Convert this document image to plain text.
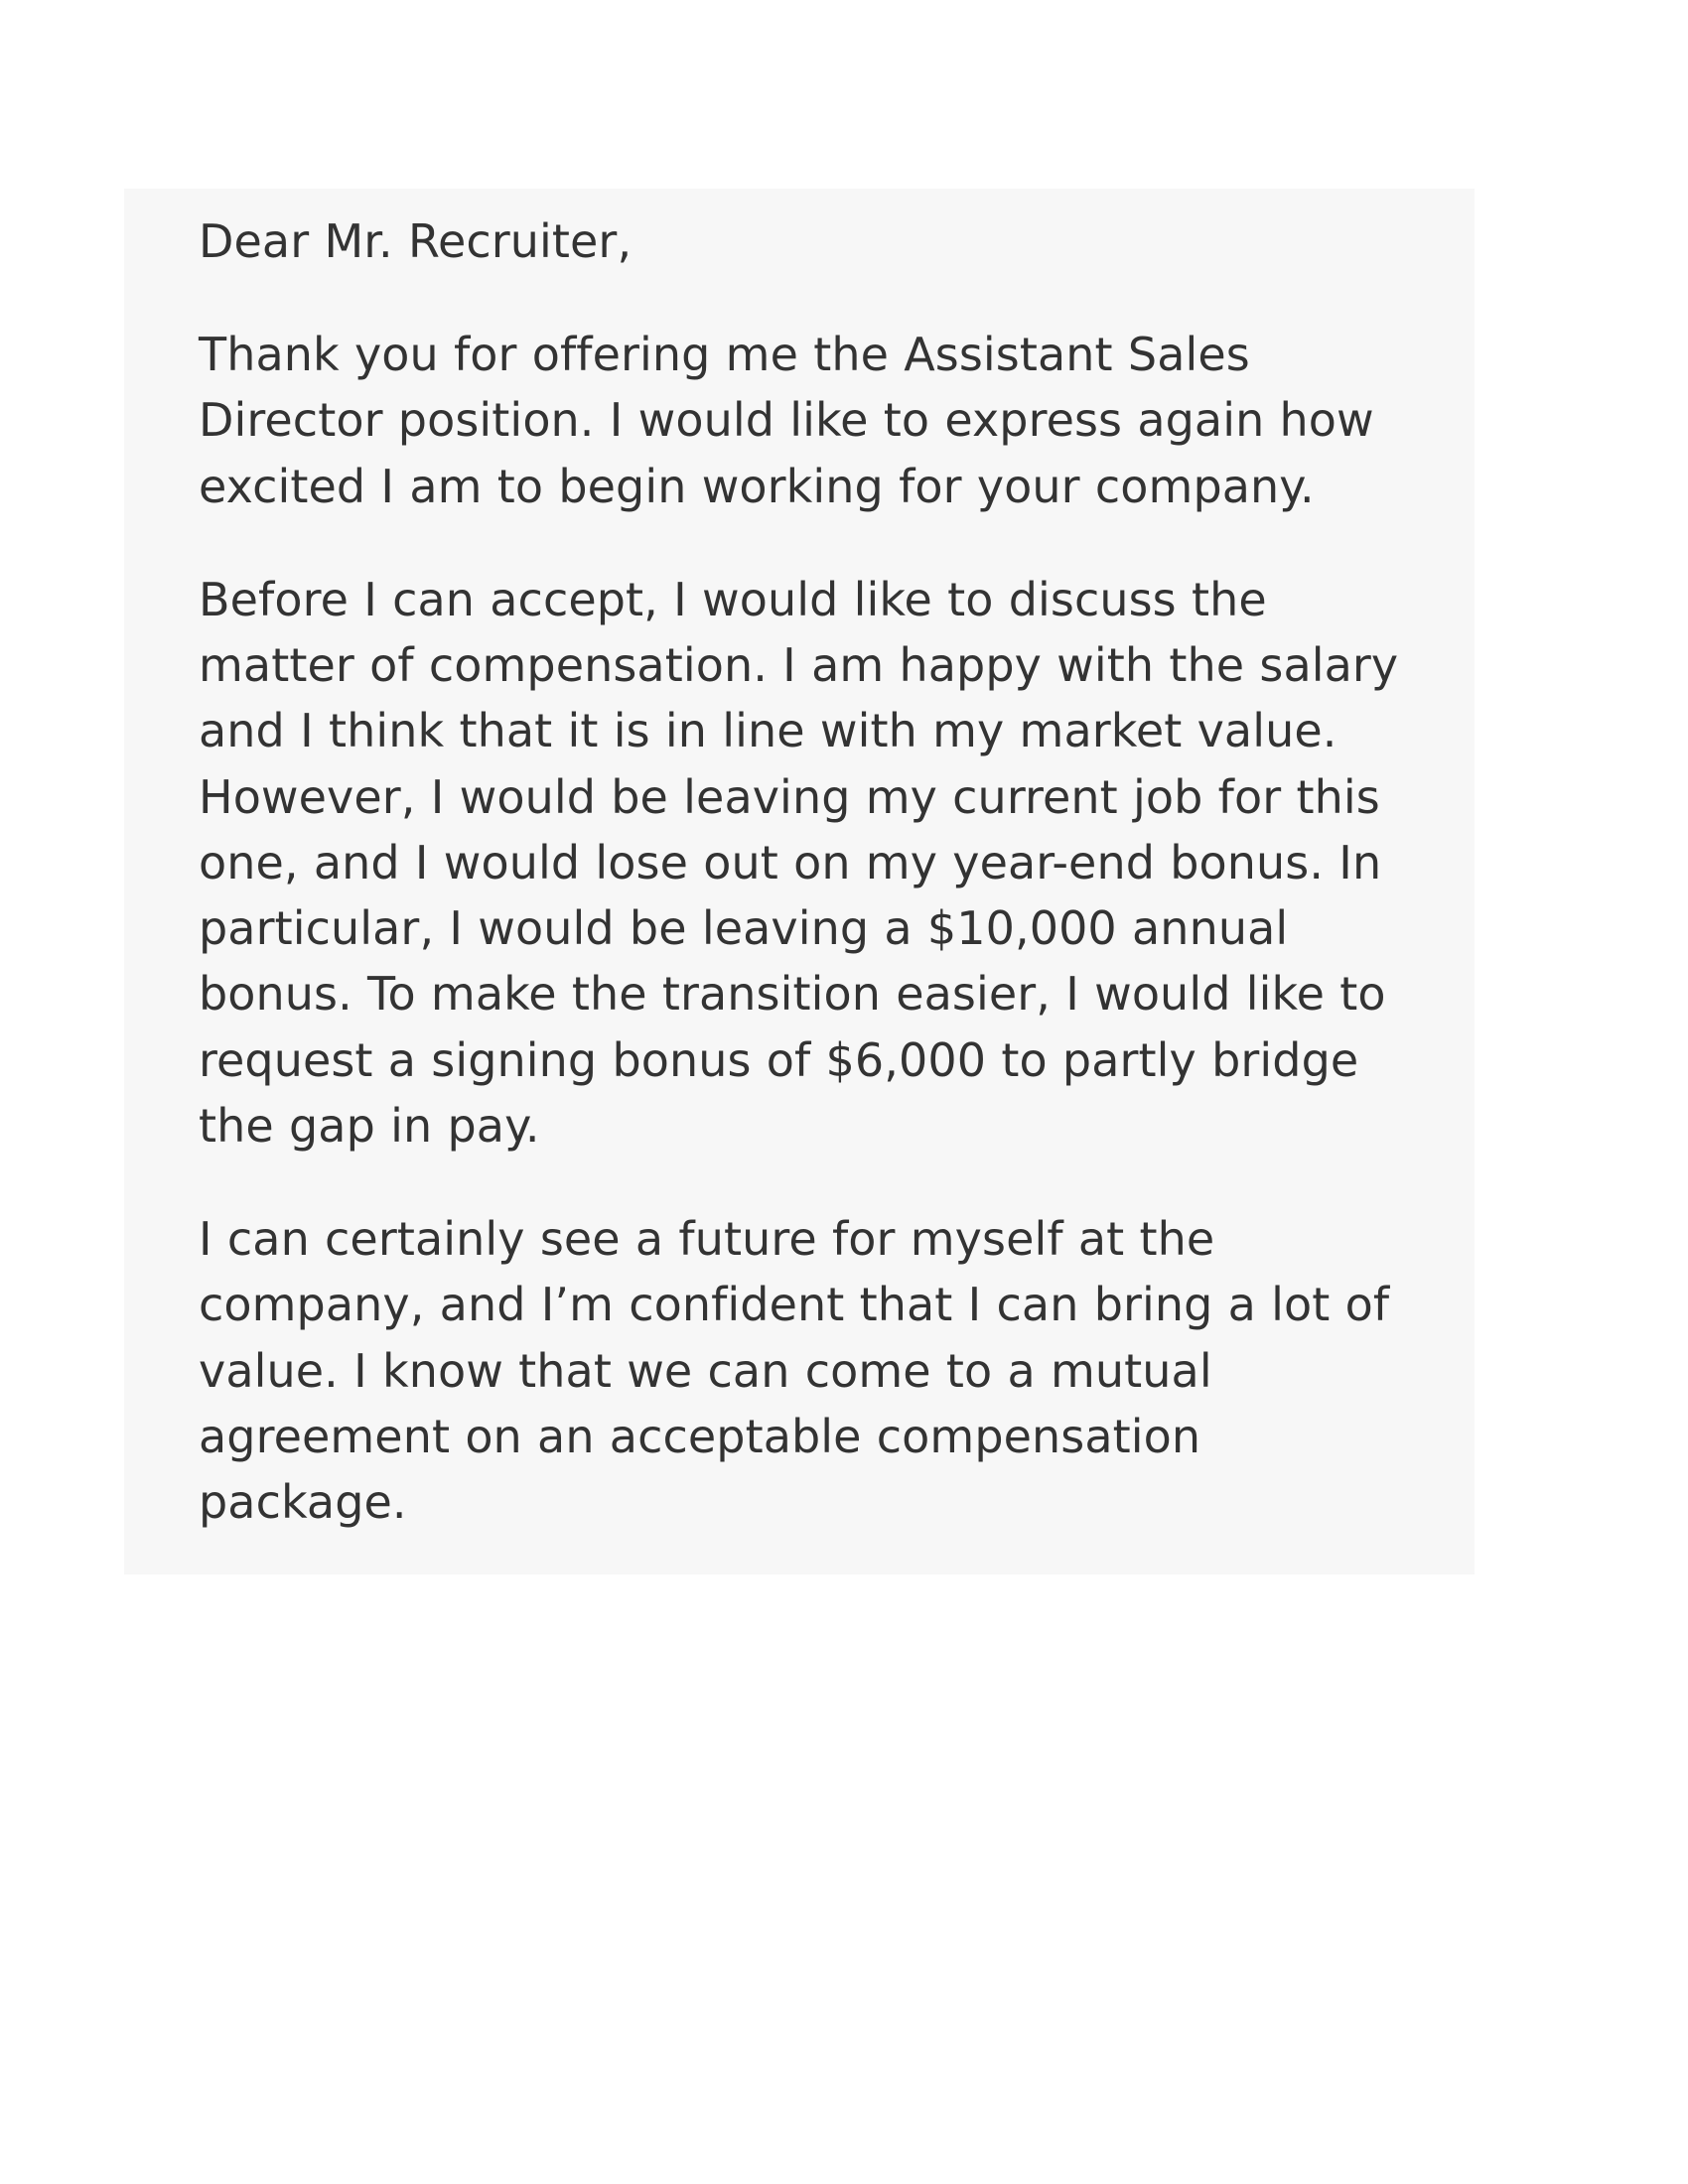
Dear Mr. Recruiter,

Thank you for offering me the Assistant Sales Director position. I would like to express again how excited I am to begin working for your company.

Before I can accept, I would like to discuss the matter of compensation. I am happy with the salary and I think that it is in line with my market value. However, I would be leaving my current job for this one, and I would lose out on my year-end bonus. In particular, I would be leaving a $10,000 annual bonus. To make the transition easier, I would like to request a signing bonus of $6,000 to partly bridge the gap in pay.

I can certainly see a future for myself at the company, and I’m confident that I can bring a lot of value. I know that we can come to a mutual agreement on an acceptable compensation package.
